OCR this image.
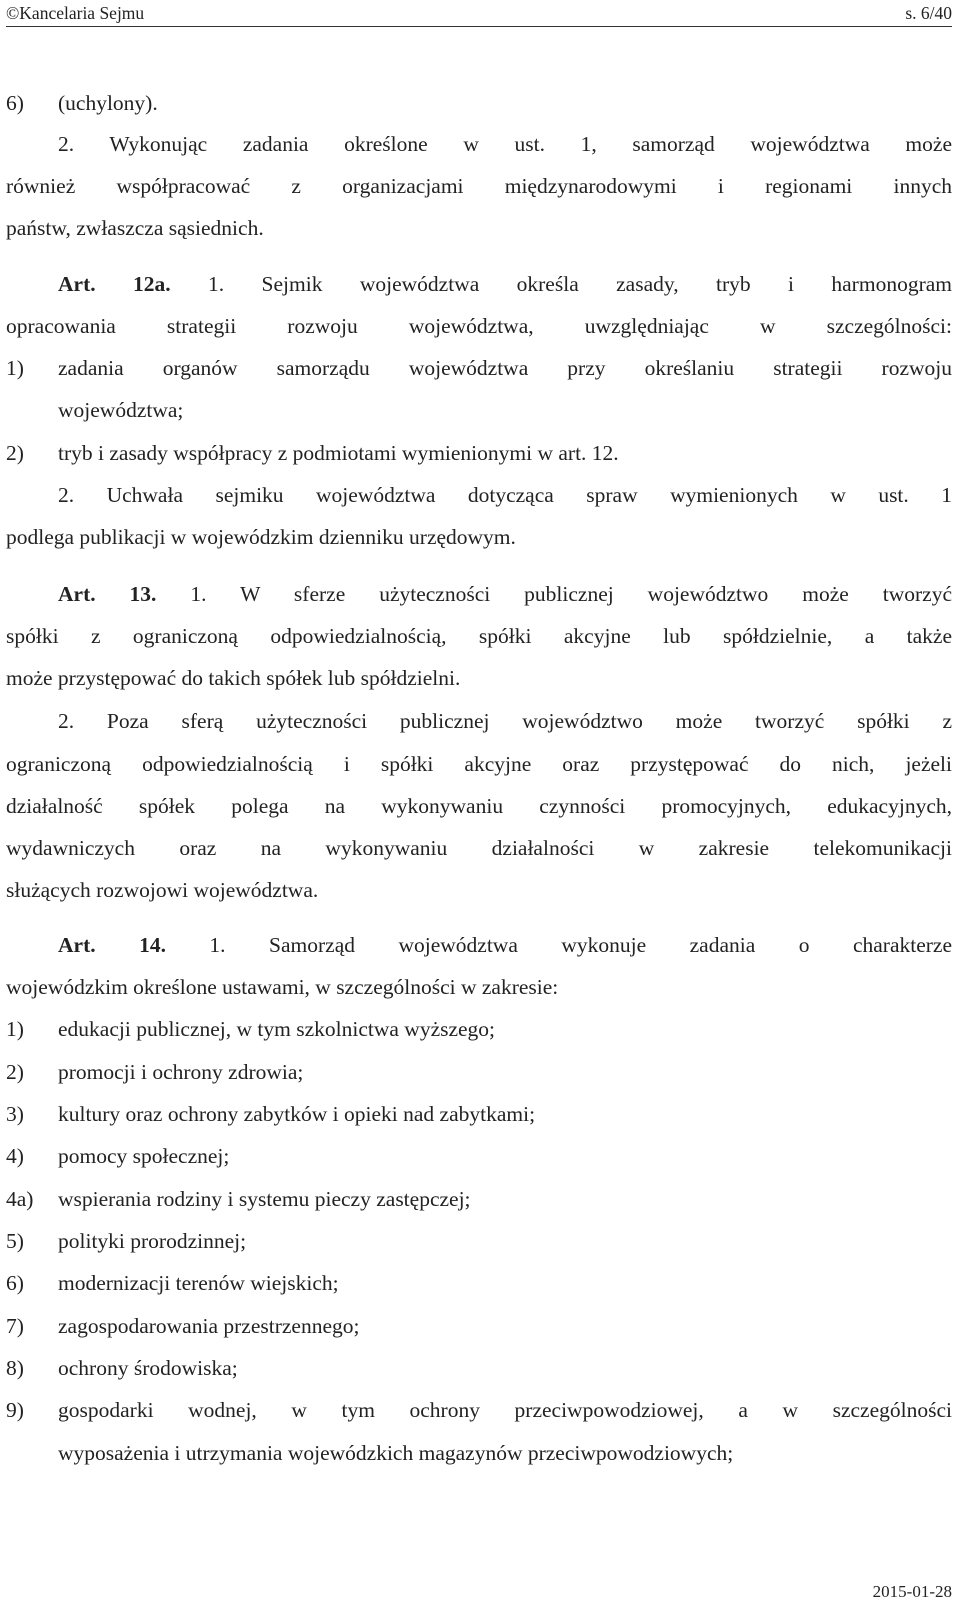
©Kancelaria Sejmu	s. 6/40
6) (uchylony).
2. Wykonując zadania określone w ust. 1, samorząd województwa może
również współpracować z organizacjami międzynarodowymi i regionami innych
państw, zwłaszcza sąsiednich.
Art. 12a. 1. Sejmik województwa określa zasady, tryb i harmonogram
opracowania strategii rozwoju województwa, uwzględniając w szczególności:
1) zadania organów samorządu województwa przy określaniu strategii rozwoju
województwa;
2) tryb i zasady współpracy z podmiotami wymienionymi w art. 12.
2. Uchwała sejmiku województwa dotycząca spraw wymienionych w ust. 1
podlega publikacji w wojewódzkim dzienniku urzędowym.
Art. 13. 1. W sferze użyteczności publicznej województwo może tworzyć
spółki z ograniczoną odpowiedzialnością, spółki akcyjne lub spółdzielnie, a także
może przystępować do takich spółek lub spółdzielni.
2. Poza sferą użyteczności publicznej województwo może tworzyć spółki z
ograniczoną odpowiedzialnością i spółki akcyjne oraz przystępować do nich, jeżeli
działalność spółek polega na wykonywaniu czynności promocyjnych, edukacyjnych,
wydawniczych oraz na wykonywaniu działalności w zakresie telekomunikacji
służących rozwojowi województwa.
Art. 14. 1. Samorząd województwa wykonuje zadania o charakterze
wojewódzkim określone ustawami, w szczególności w zakresie:
1) edukacji publicznej, w tym szkolnictwa wyższego;
2) promocji i ochrony zdrowia;
3) kultury oraz ochrony zabytków i opieki nad zabytkami;
4) pomocy społecznej;
4a) wspierania rodziny i systemu pieczy zastępczej;
5) polityki prorodzinnej;
6) modernizacji terenów wiejskich;
7) zagospodarowania przestrzennego;
8) ochrony środowiska;
9) gospodarki wodnej, w tym ochrony przeciwpowodziowej, a w szczególności
wyposażenia i utrzymania wojewódzkich magazynów przeciwpowodziowych;
2015-01-28
